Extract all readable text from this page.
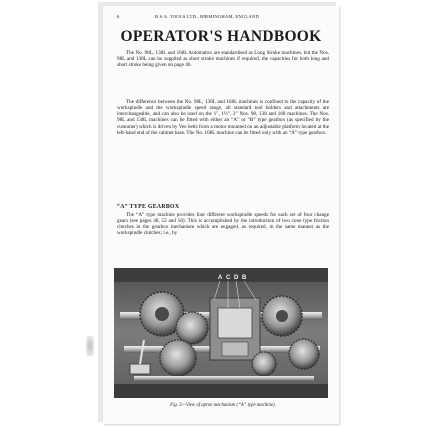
6	B.S.A. TOOLS LTD., BIRMINGHAM, ENGLAND
OPERATOR'S HANDBOOK
The No. 98L, 138L and 168L Automatics are standardised as Long Stroke machines, but the Nos. 98L and 138L can be supplied as short stroke machines if required, the capacities for both long and short stroke being given on page 46.
The difference between the No. 98L, 138L and 168L machines is confined to the capacity of the workspindle and the workspindle speed range, all standard tool holders and attachments are interchangeable, and can also be used on the 1″, 1½″, 2″ Nos. 98, 138 and 168 machines. The Nos. 98L and 138L machines can be fitted with either an “A” or “B” type gearbox (as specified by the customer) which is driven by Vee belts from a motor mounted on an adjustable platform located at the left-hand end of the cabinet base. The No. 168L machine can be fitted only with an “A” type gearbox.
“A” TYPE GEARBOX
The “A” type machine provides four different workspindle speeds for each set of four change gears (see pages 48, 52 and 56). This is accomplished by the introduction of two cone type friction clutches in the gearbox mechanism which are engaged, as required, in the same manner as the workspindle clutches; i.e., by
A C D B
Fig. 3—View of apron mechanism (“A” type machine).
